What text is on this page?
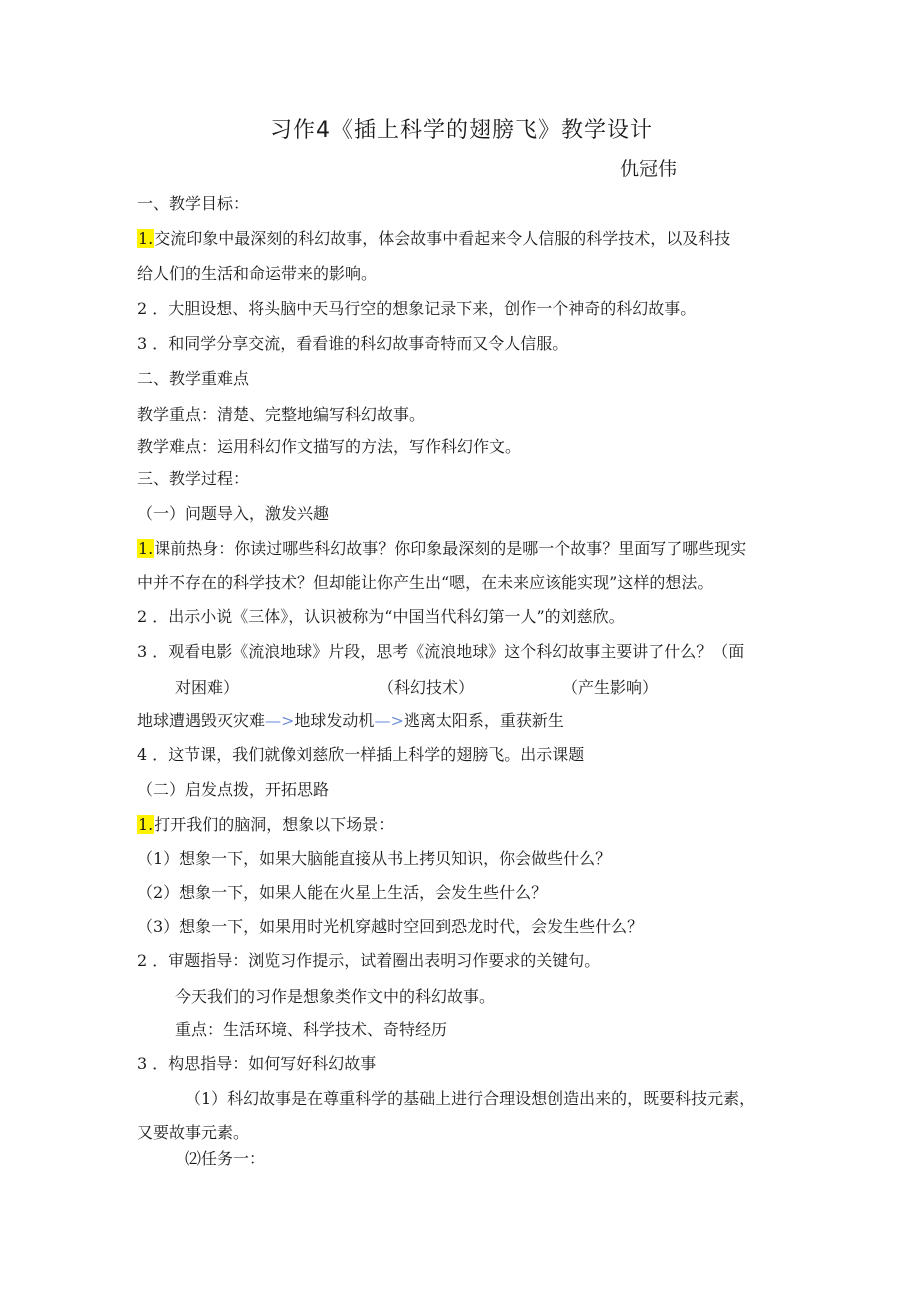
习作4《插上科学的翅膀飞》教学设计
仇冠伟
一、教学目标：
1.交流印象中最深刻的科幻故事，体会故事中看起来令人信服的科学技术，以及科技
给人们的生活和命运带来的影响。
2 ．大胆设想、将头脑中天马行空的想象记录下来，创作一个神奇的科幻故事。
3 ．和同学分享交流，看看谁的科幻故事奇特而又令人信服。
二、教学重难点
教学重点：清楚、完整地编写科幻故事。
教学难点：运用科幻作文描写的方法，写作科幻作文。
三、教学过程：
（一）问题导入，激发兴趣
1.课前热身：你读过哪些科幻故事？你印象最深刻的是哪一个故事？里面写了哪些现实
中并不存在的科学技术？但却能让你产生出“嗯，在未来应该能实现”这样的想法。
2 ．出示小说《三体》，认识被称为“中国当代科幻第一人”的刘慈欣。
3 ．观看电影《流浪地球》片段，思考《流浪地球》这个科幻故事主要讲了什么？（面
对困难）	（科幻技术）	（产生影响）
地球遭遇毁灭灾难—>地球发动机—>逃离太阳系，重获新生
4 ．这节课，我们就像刘慈欣一样插上科学的翅膀飞。出示课题
（二）启发点拨，开拓思路
1.打开我们的脑洞，想象以下场景：
（1）想象一下，如果大脑能直接从书上拷贝知识，你会做些什么？
（2）想象一下，如果人能在火星上生活，会发生些什么？
（3）想象一下，如果用时光机穿越时空回到恐龙时代，会发生些什么？
2 ．审题指导：浏览习作提示，试着圈出表明习作要求的关键句。
今天我们的习作是想象类作文中的科幻故事。
重点：生活环境、科学技术、奇特经历
3 ．构思指导：如何写好科幻故事
（1）科幻故事是在尊重科学的基础上进行合理设想创造出来的，既要科技元素，
又要故事元素。
⑵任务一：
